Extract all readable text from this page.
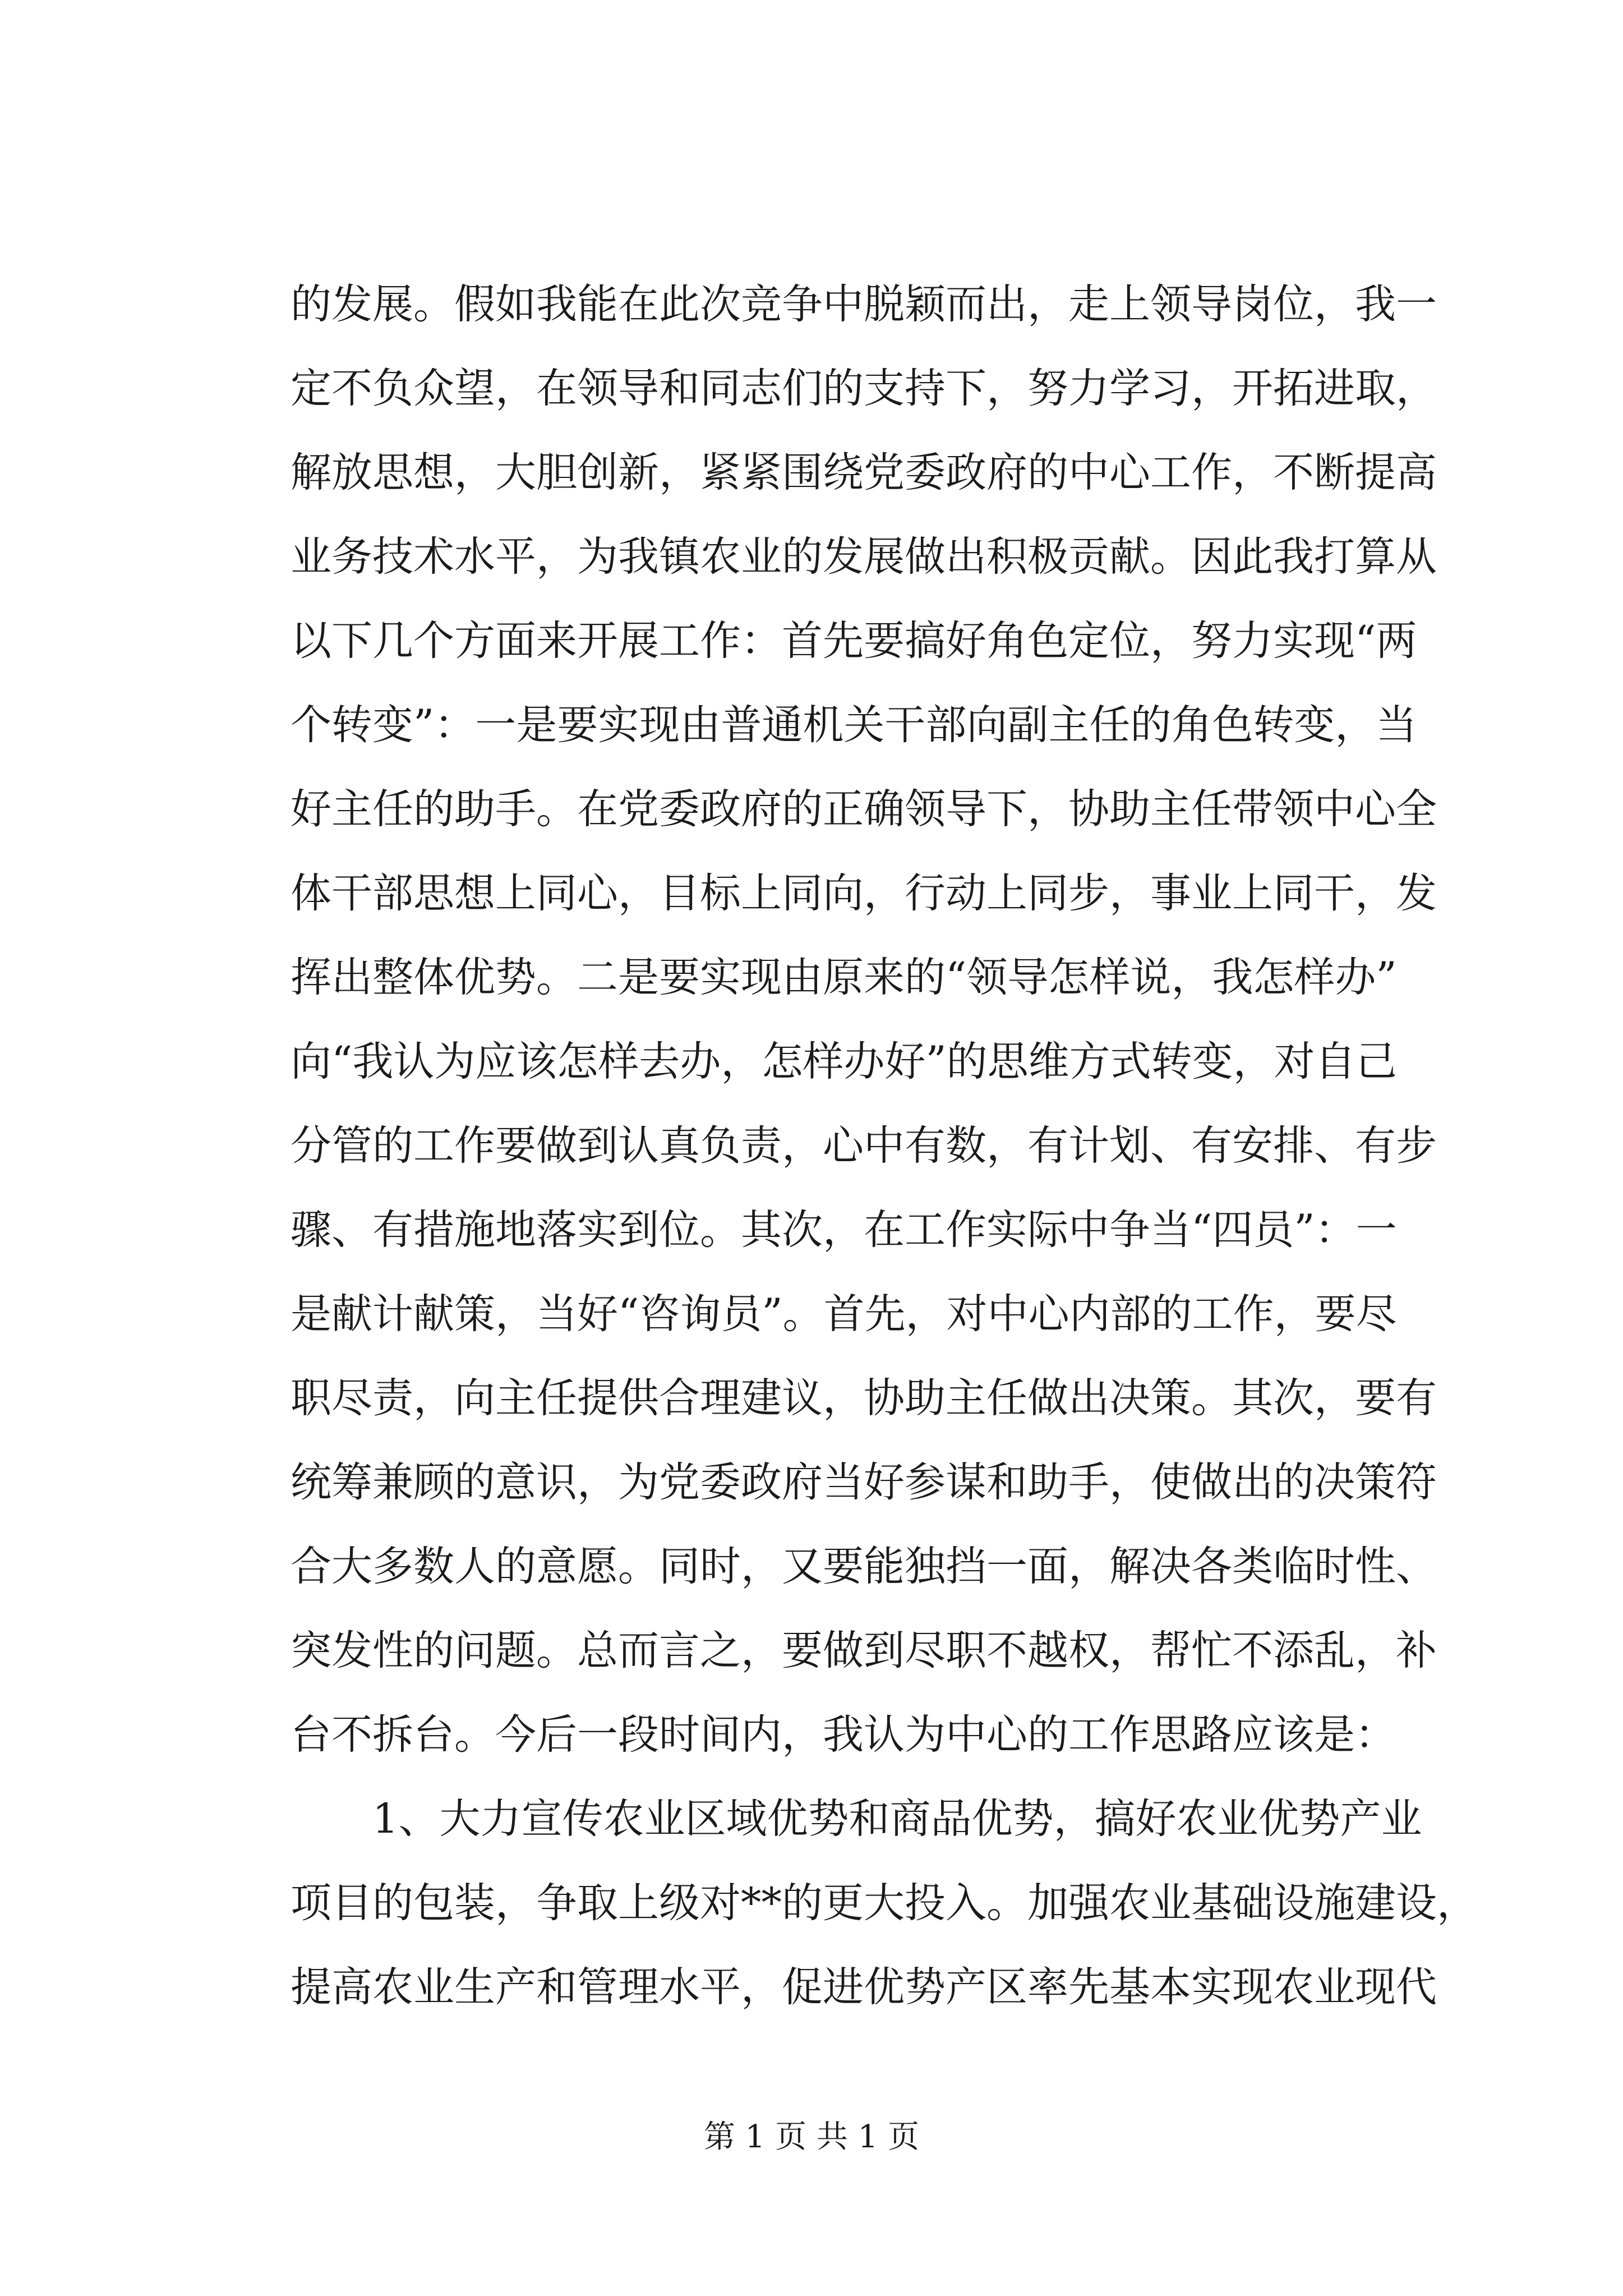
的发展。假如我能在此次竞争中脱颖而出，走上领导岗位，我一
定不负众望，在领导和同志们的支持下，努力学习，开拓进取，
解放思想，大胆创新，紧紧围绕党委政府的中心工作，不断提高
业务技术水平，为我镇农业的发展做出积极贡献。因此我打算从
以下几个方面来开展工作：首先要搞好角色定位，努力实现“两
个转变”：一是要实现由普通机关干部向副主任的角色转变，当
好主任的助手。在党委政府的正确领导下，协助主任带领中心全
体干部思想上同心，目标上同向，行动上同步，事业上同干，发
挥出整体优势。二是要实现由原来的“领导怎样说，我怎样办”
向“我认为应该怎样去办，怎样办好”的思维方式转变，对自己
分管的工作要做到认真负责，心中有数，有计划、有安排、有步
骤、有措施地落实到位。其次，在工作实际中争当“四员”：一
是献计献策，当好“咨询员”。首先，对中心内部的工作，要尽
职尽责，向主任提供合理建议，协助主任做出决策。其次，要有
统筹兼顾的意识，为党委政府当好参谋和助手，使做出的决策符
合大多数人的意愿。同时，又要能独挡一面，解决各类临时性、
突发性的问题。总而言之，要做到尽职不越权，帮忙不添乱，补
台不拆台。今后一段时间内，我认为中心的工作思路应该是：
1、大力宣传农业区域优势和商品优势，搞好农业优势产业
项目的包装，争取上级对**的更大投入。加强农业基础设施建设，
提高农业生产和管理水平，促进优势产区率先基本实现农业现代
第 1 页 共 1 页
